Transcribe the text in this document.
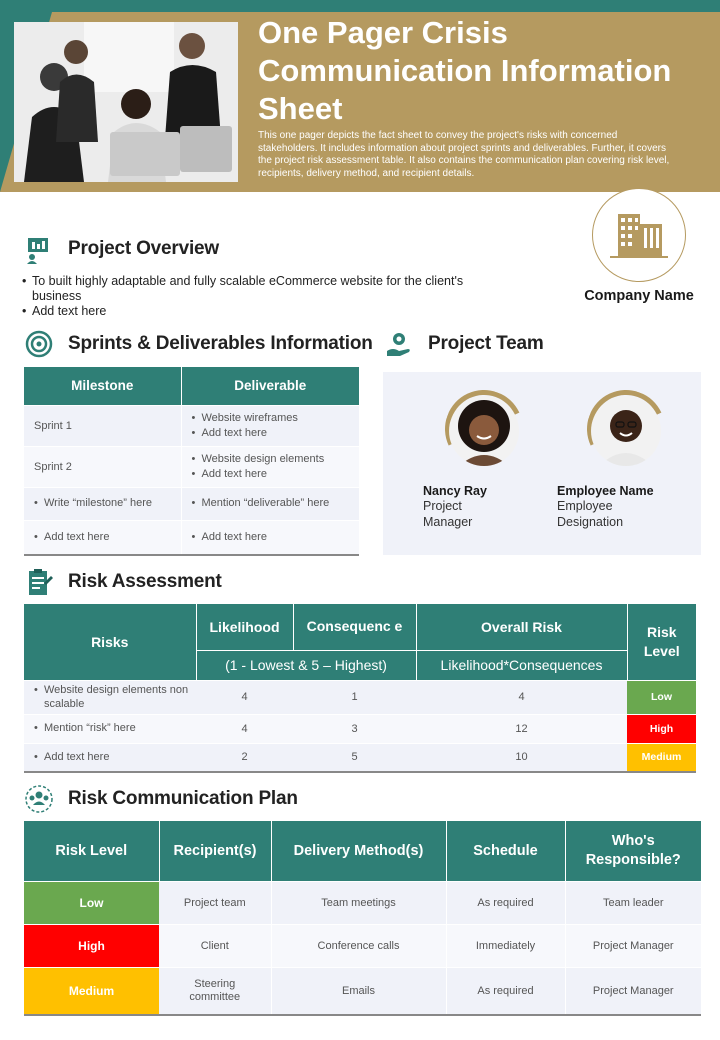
One Pager Crisis Communication Information Sheet
This one pager depicts the fact sheet to convey the project's risks with concerned stakeholders. It includes information about project sprints and deliverables. Further, it covers the project risk assessment table. It also contains the communication plan covering risk level, recipients, delivery method, and recipient details.
Project Overview
• To built highly adaptable and fully scalable eCommerce website for the client's business
• Add text here
Company Name
Sprints & Deliverables Information
Milestone	Deliverable
Sprint 1	• Website wireframes
• Add text here

Sprint 2	• Website design elements
• Add text here

• Write “milestone” here	• Mention “deliverable” here

• Add text here	• Add text here
Project Team
Nancy Ray
Project Manager
Employee Name
Employee Designation
Risk Assessment
Risks	Likelihood	Consequenc e	Overall Risk	Risk Level
	(1 - Lowest & 5 – Highest)		Likelihood*Consequences	

• Website design elements non scalable	4	1	4	Low

• Mention “risk” here	4	3	12	High

• Add text here	2	5	10	Medium
Risk Communication Plan
Risk Level	Recipient(s)	Delivery Method(s)	Schedule	Who's Responsible?
Low	Project team	Team meetings	As required	Team leader
High	Client	Conference calls	Immediately	Project Manager
Medium	Steering committee	Emails	As required	Project Manager
